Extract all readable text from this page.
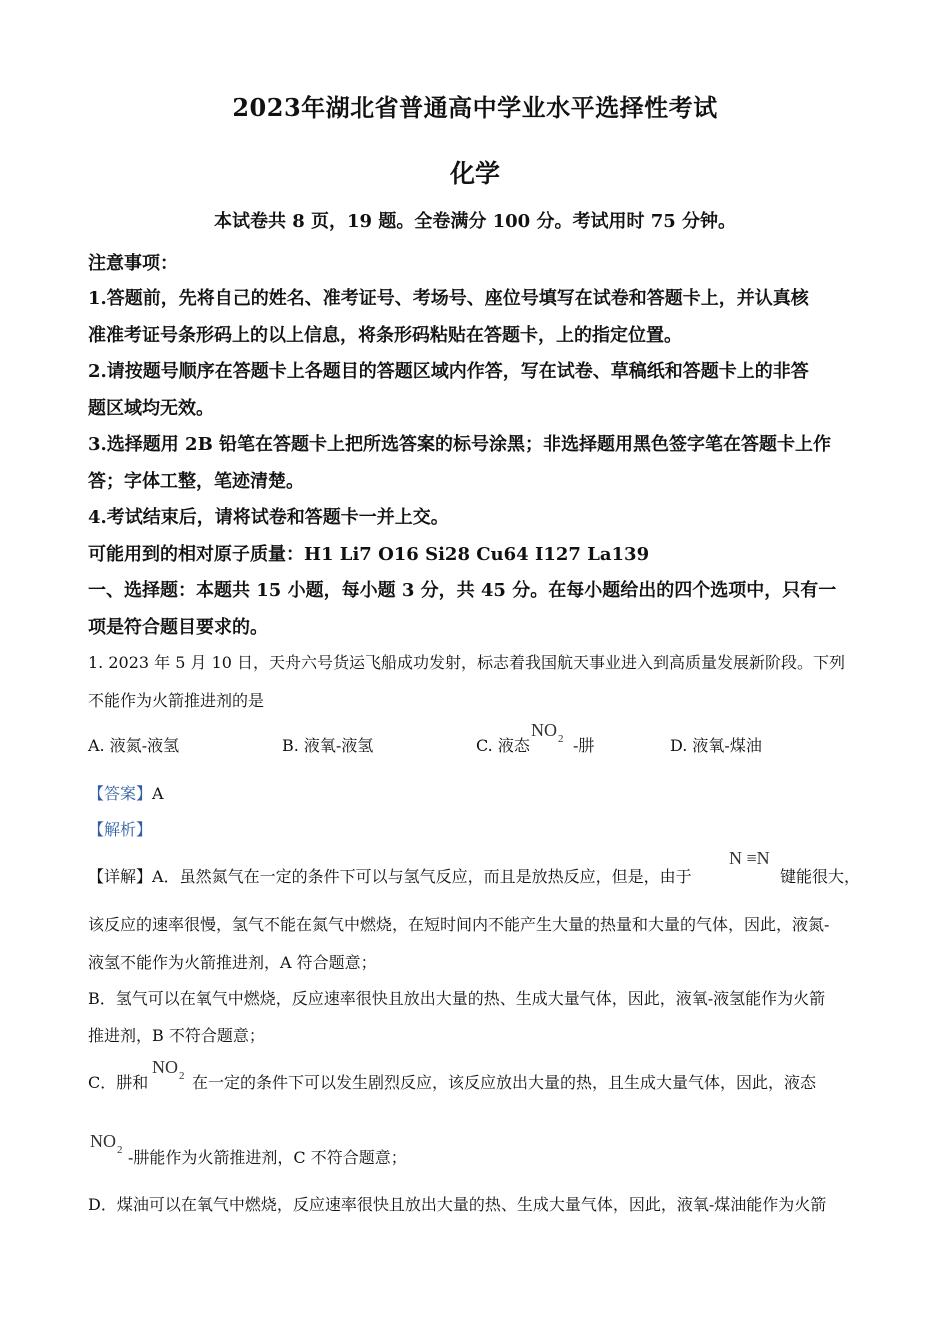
2023年湖北省普通高中学业水平选择性考试
化学
本试卷共 8 页，19 题。全卷满分 100 分。考试用时 75 分钟。
注意事项：
1.答题前，先将自己的姓名、准考证号、考场号、座位号填写在试卷和答题卡上，并认真核
准准考证号条形码上的以上信息，将条形码粘贴在答题卡，上的指定位置。
2.请按题号顺序在答题卡上各题目的答题区域内作答，写在试卷、草稿纸和答题卡上的非答
题区域均无效。
3.选择题用 2B 铅笔在答题卡上把所选答案的标号涂黑；非选择题用黑色签字笔在答题卡上作
答；字体工整，笔迹清楚。
4.考试结束后，请将试卷和答题卡一并上交。
可能用到的相对原子质量：H1 Li7 O16 Si28 Cu64 I127 La139
一、选择题：本题共 15 小题，每小题 3 分，共 45 分。在每小题给出的四个选项中，只有一
项是符合题目要求的。
1. 2023 年 5 月 10 日，天舟六号货运飞船成功发射，标志着我国航天事业进入到高质量发展新阶段。下列
不能作为火箭推进剂的是
A. 液氮-液氢	B. 液氧-液氢	C. 液态
$NO_2$ -肼	D. 液氧-煤油
【答案】A
【解析】
【详解】A．虽然氮气在一定的条件下可以与氢气反应，而且是放热反应，但是，由于
N ≡N
键能很大，
该反应的速率很慢，氢气不能在氮气中燃烧，在短时间内不能产生大量的热量和大量的气体，因此，液氮-
液氢不能作为火箭推进剂，A 符合题意；
B．氢气可以在氧气中燃烧，反应速率很快且放出大量的热、生成大量气体，因此，液氧-液氢能作为火箭
推进剂，B 不符合题意；
C．肼和
$NO_2$ 在一定的条件下可以发生剧烈反应，该反应放出大量的热，且生成大量气体，因此，液态
$NO_2$ -肼能作为火箭推进剂，C 不符合题意；
D．煤油可以在氧气中燃烧，反应速率很快且放出大量的热、生成大量气体，因此，液氧-煤油能作为火箭
